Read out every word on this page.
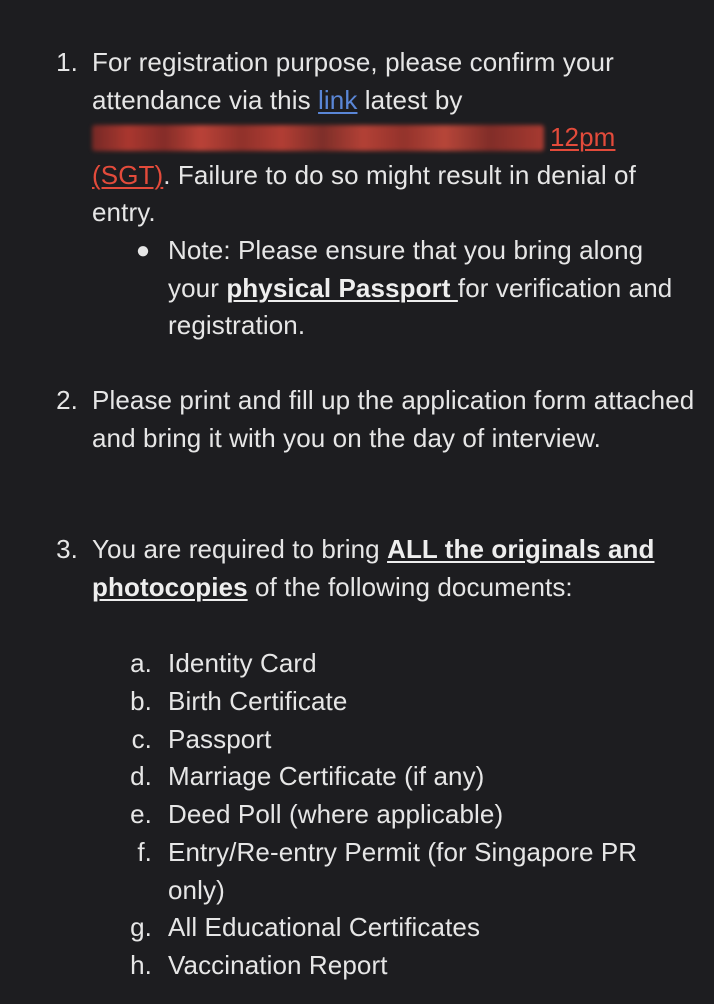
1. For registration purpose, please confirm your attendance via this link latest by
12pm
(SGT). Failure to do so might result in denial of entry.
● Note: Please ensure that you bring along your physical Passport for verification and registration.
2. Please print and fill up the application form attached and bring it with you on the day of interview.
3. You are required to bring ALL the originals and photocopies of the following documents:
a. Identity Card
b. Birth Certificate
c. Passport
d. Marriage Certificate (if any)
e. Deed Poll (where applicable)
f. Entry/Re-entry Permit (for Singapore PR only)
g. All Educational Certificates
h. Vaccination Report
